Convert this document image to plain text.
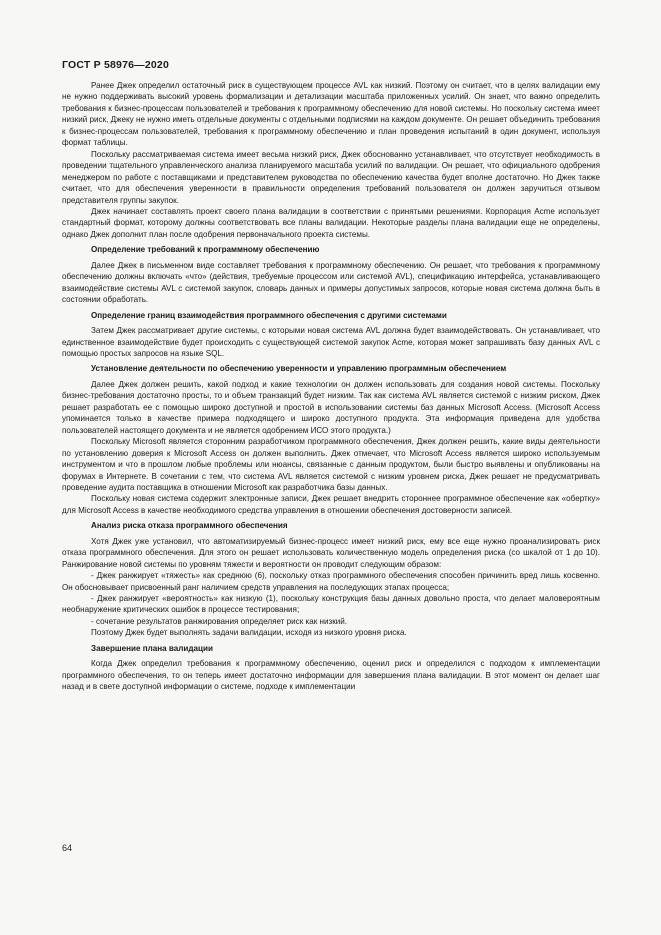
ГОСТ Р 58976—2020

Ранее Джек определил остаточный риск в существующем процессе AVL как низкий. Поэтому он считает, что в целях валидации ему не нужно поддерживать высокий уровень формализации и детализации масштаба приложенных усилий. Он знает, что важно определить требования к бизнес-процессам пользователей и требования к программному обеспечению для новой системы. Но поскольку система имеет низкий риск, Джеку не нужно иметь отдельные документы с отдельными подписями на каждом документе. Он решает объединить требования к бизнес-процессам пользователей, требования к программному обеспечению и план проведения испытаний в один документ, используя формат таблицы.

Поскольку рассматриваемая система имеет весьма низкий риск, Джек обоснованно устанавливает, что отсутствует необходимость в проведении тщательного управленческого анализа планируемого масштаба усилий по валидации. Он решает, что официального одобрения менеджером по работе с поставщиками и представителем руководства по обеспечению качества будет вполне достаточно. Но Джек также считает, что для обеспечения уверенности в правильности определения требований пользователя он должен заручиться отзывом представителя группы закупок.

Джек начинает составлять проект своего плана валидации в соответствии с принятыми решениями. Корпорация Acme использует стандартный формат, которому должны соответствовать все планы валидации. Некоторые разделы плана валидации еще не определены, однако Джек дополнит план после одобрения первоначального проекта системы.

Определение требований к программному обеспечению

Далее Джек в письменном виде составляет требования к программному обеспечению. Он решает, что требования к программному обеспечению должны включать «что» (действия, требуемые процессом или системой AVL), спецификацию интерфейса, устанавливающего взаимодействие системы AVL с системой закупок, словарь данных и примеры допустимых запросов, которые новая система должна быть в состоянии обработать.

Определение границ взаимодействия программного обеспечения с другими системами

Затем Джек рассматривает другие системы, с которыми новая система AVL должна будет взаимодействовать. Он устанавливает, что единственное взаимодействие будет происходить с существующей системой закупок Acme, которая может запрашивать базу данных AVL с помощью простых запросов на языке SQL.

Установление деятельности по обеспечению уверенности и управлению программным обеспечением

Далее Джек должен решить, какой подход и какие технологии он должен использовать для создания новой системы. Поскольку бизнес-требования достаточно просты, то и объем транзакций будет низким. Так как система AVL является системой с низким риском, Джек решает разработать ее с помощью широко доступной и простой в использовании системы баз данных Microsoft Access. (Microsoft Access упоминается только в качестве примера подходящего и широко доступного продукта. Эта информация приведена для удобства пользователей настоящего документа и не является одобрением ИСО этого продукта.)

Поскольку Microsoft является сторонним разработчиком программного обеспечения, Джек должен решить, какие виды деятельности по установлению доверия к Microsoft Access он должен выполнить. Джек отмечает, что Microsoft Access является широко используемым инструментом и что в прошлом любые проблемы или нюансы, связанные с данным продуктом, были быстро выявлены и опубликованы на форумах в Интернете. В сочетании с тем, что система AVL является системой с низким уровнем риска, Джек решает не предусматривать проведение аудита поставщика в отношении Microsoft как разработчика базы данных.

Поскольку новая система содержит электронные записи, Джек решает внедрить стороннее программное обеспечение как «обертку» для Microsoft Access в качестве необходимого средства управления в отношении обеспечения достоверности записей.

Анализ риска отказа программного обеспечения

Хотя Джек уже установил, что автоматизируемый бизнес-процесс имеет низкий риск, ему все еще нужно проанализировать риск отказа программного обеспечения. Для этого он решает использовать количественную модель определения риска (со шкалой от 1 до 10). Ранжирование новой системы по уровням тяжести и вероятности он проводит следующим образом:

- Джек ранжирует «тяжесть» как среднюю (6), поскольку отказ программного обеспечения способен причинить вред лишь косвенно. Он обосновывает присвоенный ранг наличием средств управления на последующих этапах процесса;

- Джек ранжирует «вероятность» как низкую (1), поскольку конструкция базы данных довольно проста, что делает маловероятным необнаружение критических ошибок в процессе тестирования;

- сочетание результатов ранжирования определяет риск как низкий.

Поэтому Джек будет выполнять задачи валидации, исходя из низкого уровня риска.

Завершение плана валидации

Когда Джек определил требования к программному обеспечению, оценил риск и определился с подходом к имплементации программного обеспечения, то он теперь имеет достаточно информации для завершения плана валидации. В этот момент он делает шаг назад и в свете доступной информации о системе, подходе к имплементации

64
